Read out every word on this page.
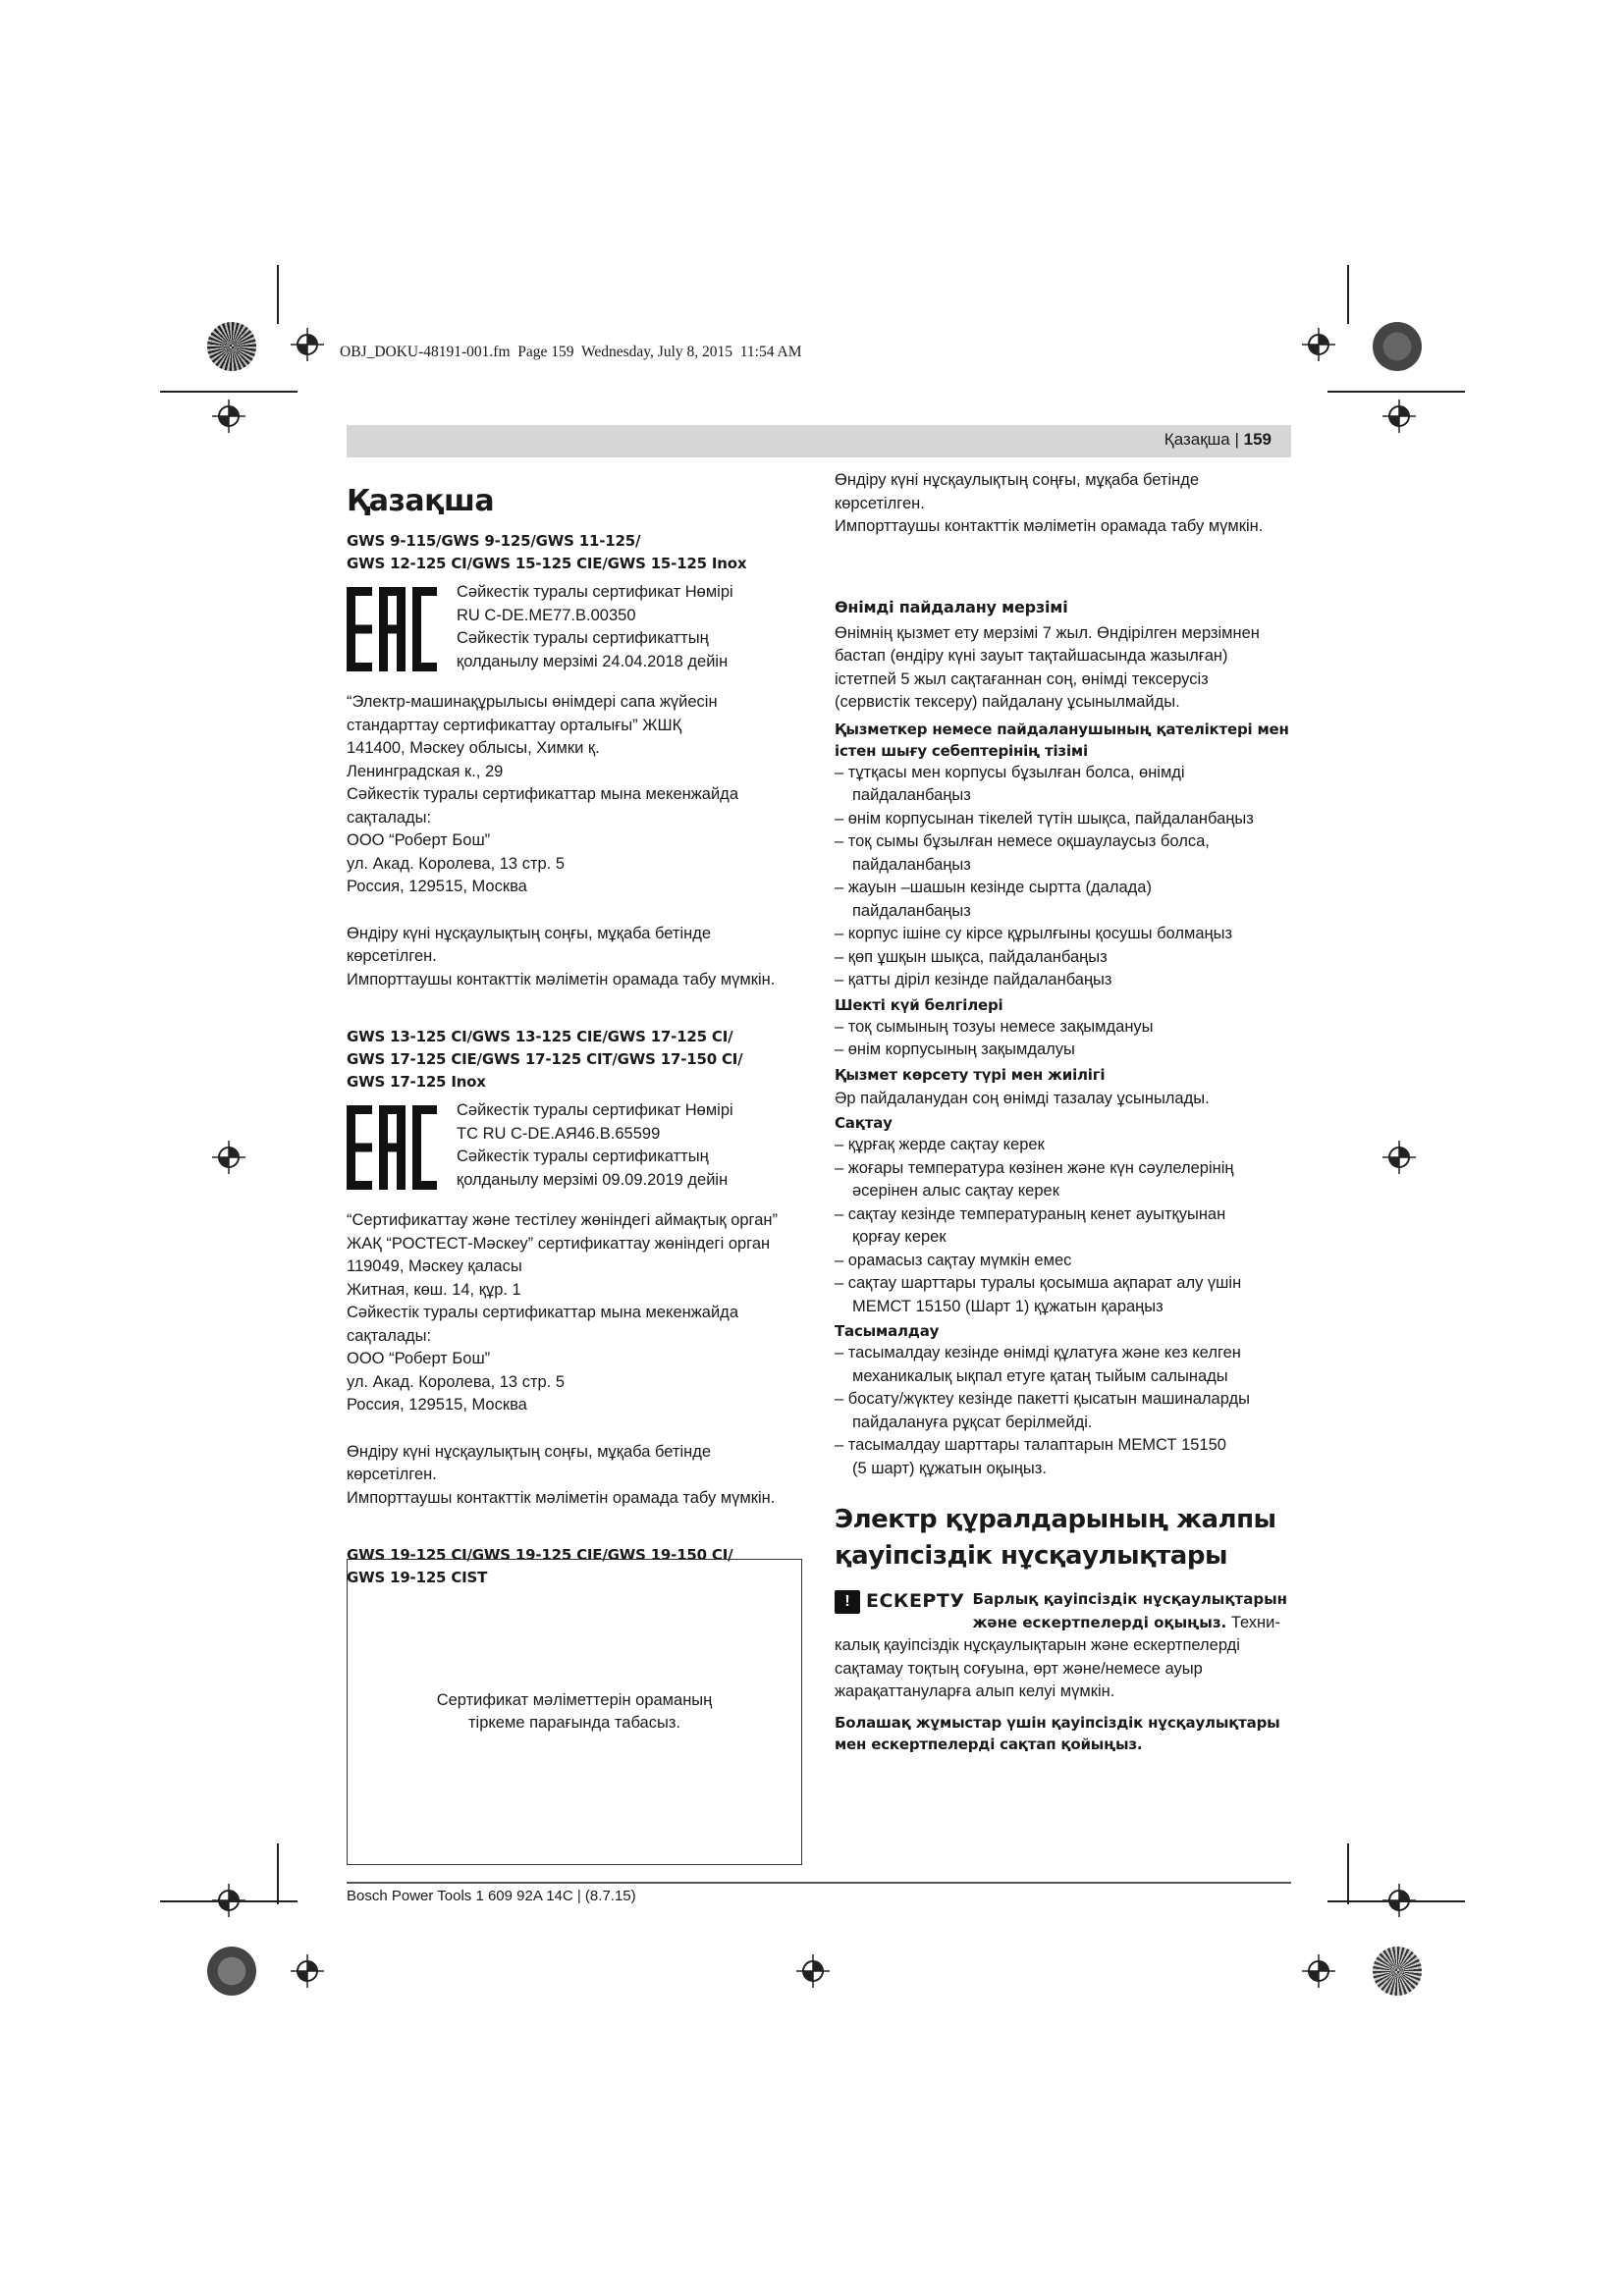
OBJ_DOKU-48191-001.fm  Page 159  Wednesday, July 8, 2015  11:54 AM
Қазақша | 159
Қазақша

GWS 9-115/GWS 9-125/GWS 11-125/
GWS 12-125 CI/GWS 15-125 CIE/GWS 15-125 Inox

Сәйкестік туралы сертификат Нөмірі
RU C-DE.ME77.B.00350
Сәйкестік туралы сертификаттың
қолданылу мерзімі 24.04.2018 дейін
“Электр-машинақұрылысы өнімдері сапа жүйесін
стандарттау сертификаттау орталығы” ЖШҚ
141400, Мәскеу облысы, Химки қ.
Ленинградская к., 29
Сәйкестік туралы сертификаттар мына мекенжайда
сақталады:
ООО “Роберт Бош”
ул. Акад. Королева, 13 стр. 5
Россия, 129515, Москва
Өндіру күні нұсқаулықтың соңғы, мұқаба бетінде
көрсетілген.
Импорттаушы контакттік мәліметін орамада табу мүмкін.

GWS 13-125 CI/GWS 13-125 CIE/GWS 17-125 CI/
GWS 17-125 CIE/GWS 17-125 CIT/GWS 17-150 CI/
GWS 17-125 Inox

Сәйкестік туралы сертификат Нөмірі
TC RU C-DE.АЯ46.В.65599
Сәйкестік туралы сертификаттың
қолданылу мерзімі 09.09.2019 дейін
“Сертификаттау және тестілеу жөніндегі аймақтық орган”
ЖАҚ “РОСТЕСТ-Мәскеу” сертификаттау жөніндегі орган
119049, Мәскеу қаласы
Житная, көш. 14, құр. 1
Сәйкестік туралы сертификаттар мына мекенжайда
сақталады:
ООО “Роберт Бош”
ул. Акад. Королева, 13 стр. 5
Россия, 129515, Москва
Өндіру күні нұсқаулықтың соңғы, мұқаба бетінде
көрсетілген.
Импорттаушы контакттік мәліметін орамада табу мүмкін.

GWS 19-125 CI/GWS 19-125 CIE/GWS 19-150 CI/
GWS 19-125 CIST

Сертификат мәліметтерін ораманың
тіркеме парағында табасыз.
Өндіру күні нұсқаулықтың соңғы, мұқаба бетінде
көрсетілген.
Импорттаушы контакттік мәліметін орамада табу мүмкін.
Өнімді пайдалану мерзімі
Өнімнің қызмет ету мерзімі 7 жыл. Өндірілген мерзімнен
бастап (өндіру күні зауыт тақтайшасында жазылған)
істетпей 5 жыл сақтағаннан соң, өнімді тексерусіз
(сервистік тексеру) пайдалану ұсынылмайды.
Қызметкер немесе пайдаланушының қателіктері мен
істен шығу себептерінің тізімі

– тұтқасы мен корпусы бұзылған болса, өнімді
пайдаланбаңыз

– өнім корпусынан тікелей түтін шықса, пайдаланбаңыз

– тоқ сымы бұзылған немесе оқшаулаусыз болса,
пайдаланбаңыз

– жауын –шашын кезінде сыртта (далада)
пайдаланбаңыз

– корпус ішіне су кірсе құрылғыны қосушы болмаңыз

– қөп ұшқын шықса, пайдаланбаңыз

– қатты діріл кезінде пайдаланбаңыз

Шекті күй белгілері

– тоқ сымының тозуы немесе зақымдануы

– өнім корпусының зақымдалуы

Қызмет көрсету түрі мен жиілігі

Әр пайдаланудан соң өнімді тазалау ұсынылады.

Сақтау

– құрғақ жерде сақтау керек

– жоғары температура көзінен және күн сәулелерінің
әсерінен алыс сақтау керек

– сақтау кезінде температураның кенет ауытқуынан
қорғау керек

– орамасыз сақтау мүмкін емес

– сақтау шарттары туралы қосымша ақпарат алу үшін
МЕМСТ 15150 (Шарт 1) құжатын қараңыз

Тасымалдау

– тасымалдау кезінде өнімді құлатуға және кез келген
механикалық ықпал етуге қатаң тыйым салынады

– босату/жүктеу кезінде пакетті қысатын машиналарды
пайдалануға рұқсат берілмейді.

– тасымалдау шарттары талаптарын МЕМСТ 15150
(5 шарт) құжатын оқыңыз.

Электр құралдарының жалпы
қауіпсіздік нұсқаулықтары
! ЕСКЕРТУ Барлық қауіпсіздік нұсқаулықтарын
және ескертпелерді оқыңыз. Техни-
калық қауіпсіздік нұсқаулықтарын және ескертпелерді
сақтамау тоқтың соғуына, өрт және/немесе ауыр
жарақаттануларға алып келуі мүмкін.

Болашақ жұмыстар үшін қауіпсіздік нұсқаулықтары
мен ескертпелерді сақтап қойыңыз.

Bosch Power Tools 1 609 92A 14C | (8.7.15)
